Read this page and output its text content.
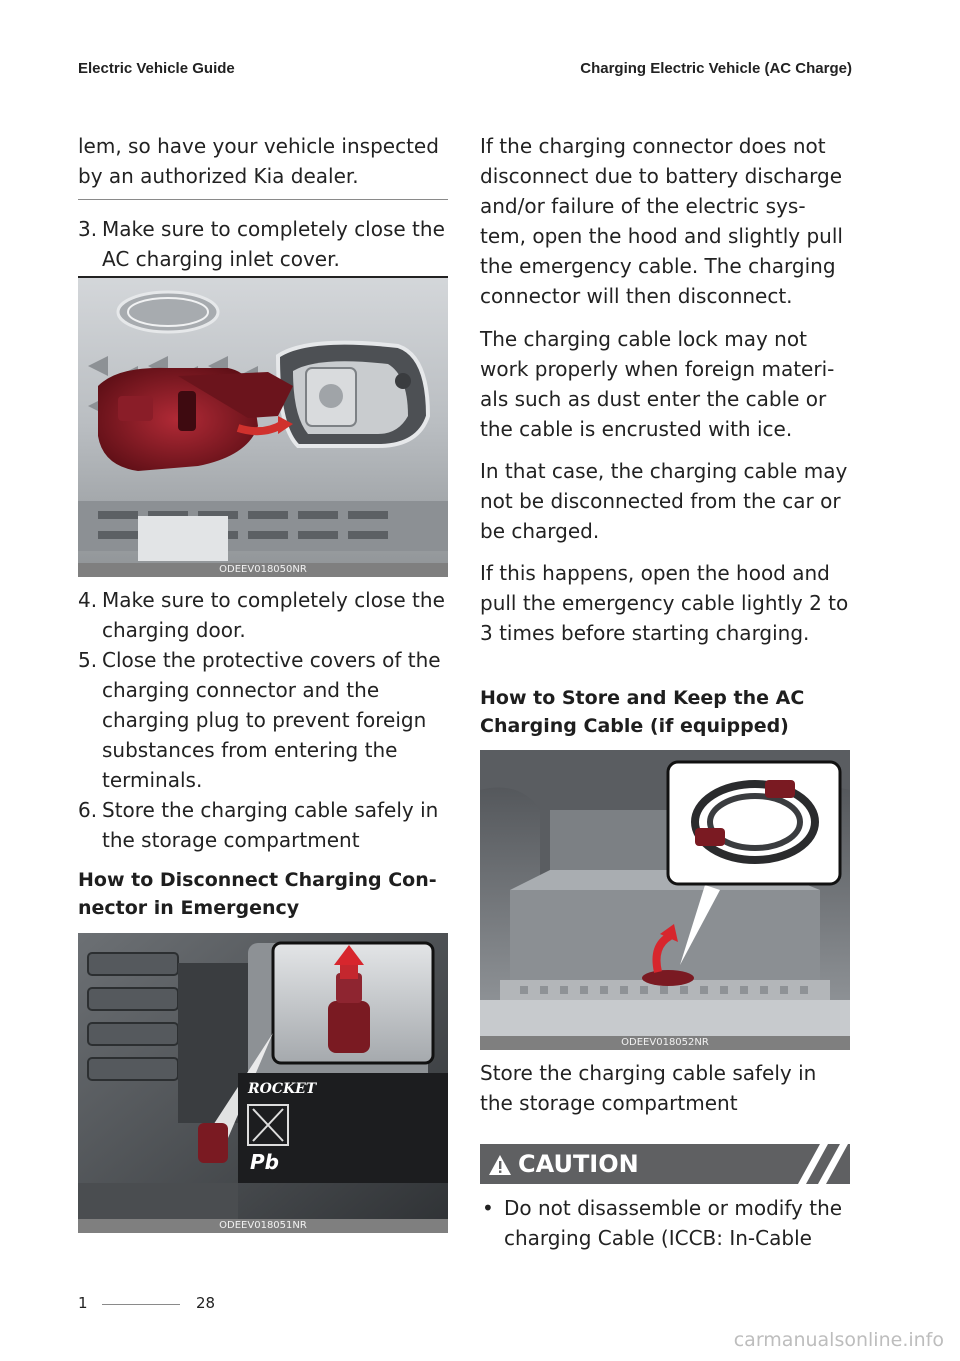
Electric Vehicle Guide	Charging Electric Vehicle (AC Charge)
lem, so have your vehicle inspected
by an authorized Kia dealer.
3. Make sure to completely close the
AC charging inlet cover.
ODEEV018050NR
4. Make sure to completely close the
charging door.
5. Close the protective covers of the
charging connector and the
charging plug to prevent foreign
substances from entering the
terminals.
6. Store the charging cable safely in
the storage compartment
How to Disconnect Charging Con-
nector in Emergency
ROCKET
Pb
ODEEV018051NR
If the charging connector does not
disconnect due to battery discharge
and/or failure of the electric sys-
tem, open the hood and slightly pull
the emergency cable. The charging
connector will then disconnect.
The charging cable lock may not
work properly when foreign materi-
als such as dust enter the cable or
the cable is encrusted with ice.
In that case, the charging cable may
not be disconnected from the car or
be charged.
If this happens, open the hood and
pull the emergency cable lightly 2 to
3 times before starting charging.
How to Store and Keep the AC
Charging Cable (if equipped)
ODEEV018052NR
Store the charging cable safely in
the storage compartment
CAUTION
• Do not disassemble or modify the
charging Cable (ICCB: In-Cable
1	28
carmanualsonline.info
